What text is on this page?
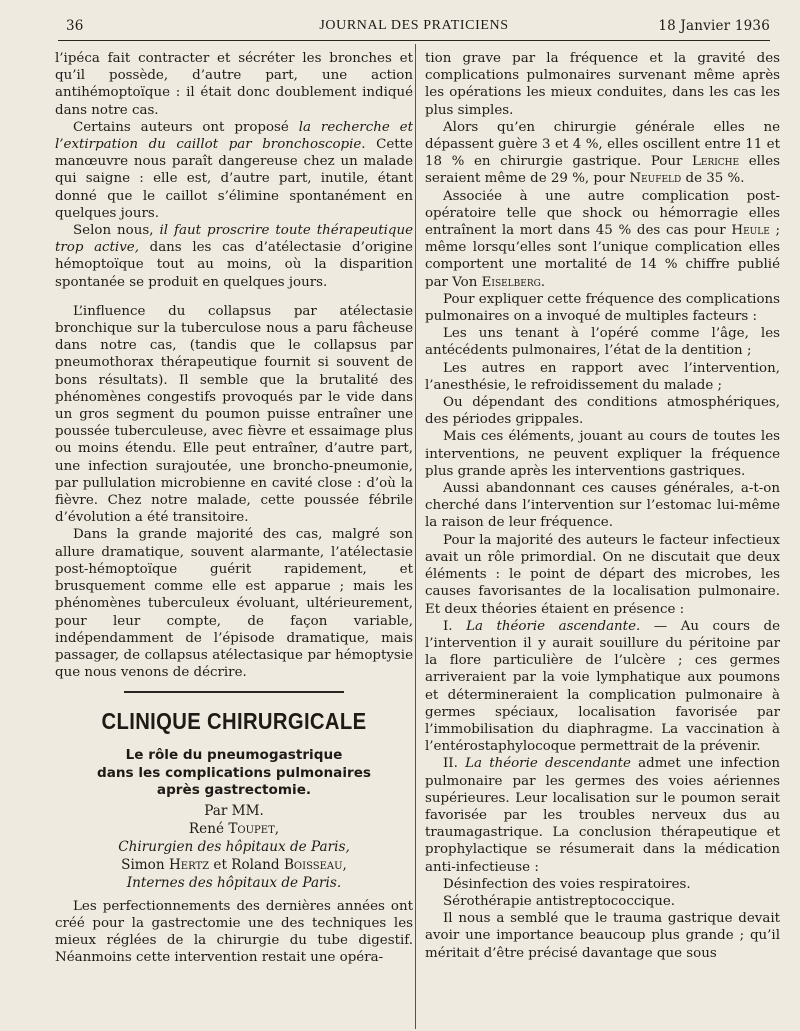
36	JOURNAL DES PRATICIENS	18 Janvier 1936

l’ipéca fait contracter et sécréter les bronches et qu’il possède, d’autre part, une action antihémoptoïque : il était donc doublement indiqué dans notre cas.

Certains auteurs ont proposé la recherche et l’extirpation du caillot par bronchoscopie. Cette manœuvre nous paraît dangereuse chez un malade qui saigne : elle est, d’autre part, inutile, étant donné que le caillot s’élimine spontanément en quelques jours.

Selon nous, il faut proscrire toute thérapeutique trop active, dans les cas d’atélectasie d’origine hémoptoïque tout au moins, où la disparition spontanée se produit en quelques jours.

L’influence du collapsus par atélectasie bronchique sur la tuberculose nous a paru fâcheuse dans notre cas, (tandis que le collapsus par pneumothorax thérapeutique fournit si souvent de bons résultats). Il semble que la brutalité des phénomènes congestifs provoqués par le vide dans un gros segment du poumon puisse entraîner une poussée tuberculeuse, avec fièvre et essaimage plus ou moins étendu. Elle peut entraîner, d’autre part, une infection surajoutée, une broncho-pneumonie, par pullulation microbienne en cavité close : d’où la fièvre. Chez notre malade, cette poussée fébrile d’évolution a été transitoire.

Dans la grande majorité des cas, malgré son allure dramatique, souvent alarmante, l’atélectasie post-hémoptoïque guérit rapidement, et brusquement comme elle est apparue ; mais les phénomènes tuberculeux évoluant, ultérieurement, pour leur compte, de façon variable, indépendamment de l’épisode dramatique, mais passager, de collapsus atélectasique par hémoptysie que nous venons de décrire.

CLINIQUE CHIRURGICALE
Le rôle du pneumogastrique
dans les complications pulmonaires
après gastrectomie.
Par MM.
René Toupet,
Chirurgien des hôpitaux de Paris,
Simon Hertz et Roland Boisseau,
Internes des hôpitaux de Paris.

Les perfectionnements des dernières années ont créé pour la gastrectomie une des techniques les mieux réglées de la chirurgie du tube digestif. Néanmoins cette intervention restait une opéra-

tion grave par la fréquence et la gravité des complications pulmonaires survenant même après les opérations les mieux conduites, dans les cas les plus simples.

Alors qu’en chirurgie générale elles ne dépassent guère 3 et 4 %, elles oscillent entre 11 et 18 % en chirurgie gastrique. Pour Leriche elles seraient même de 29 %, pour Neufeld de 35 %.

Associée à une autre complication post-opératoire telle que shock ou hémorragie elles entraînent la mort dans 45 % des cas pour Heule ; même lorsqu’elles sont l’unique complication elles comportent une mortalité de 14 % chiffre publié par Von Eiselberg.

Pour expliquer cette fréquence des complications pulmonaires on a invoqué de multiples facteurs :

Les uns tenant à l’opéré comme l’âge, les antécédents pulmonaires, l’état de la dentition ;

Les autres en rapport avec l’intervention, l’anesthésie, le refroidissement du malade ;

Ou dépendant des conditions atmosphériques, des périodes grippales.

Mais ces éléments, jouant au cours de toutes les interventions, ne peuvent expliquer la fréquence plus grande après les interventions gastriques.

Aussi abandonnant ces causes générales, a-t-on cherché dans l’intervention sur l’estomac lui-même la raison de leur fréquence.

Pour la majorité des auteurs le facteur infectieux avait un rôle primordial. On ne discutait que deux éléments : le point de départ des microbes, les causes favorisantes de la localisation pulmonaire. Et deux théories étaient en présence :

I. La théorie ascendante. — Au cours de l’intervention il y aurait souillure du péritoine par la flore particulière de l’ulcère ; ces germes arriveraient par la voie lymphatique aux poumons et détermineraient la complication pulmonaire à germes spéciaux, localisation favorisée par l’immobilisation du diaphragme. La vaccination à l’entérostaphylocoque permettrait de la prévenir.

II. La théorie descendante admet une infection pulmonaire par les germes des voies aériennes supérieures. Leur localisation sur le poumon serait favorisée par les troubles nerveux dus au traumagastrique. La conclusion thérapeutique et prophylactique se résumerait dans la médication anti-infectieuse :

Désinfection des voies respiratoires.

Sérothérapie antistreptococcique.

Il nous a semblé que le trauma gastrique devait avoir une importance beaucoup plus grande ; qu’il méritait d’être précisé davantage que sous
